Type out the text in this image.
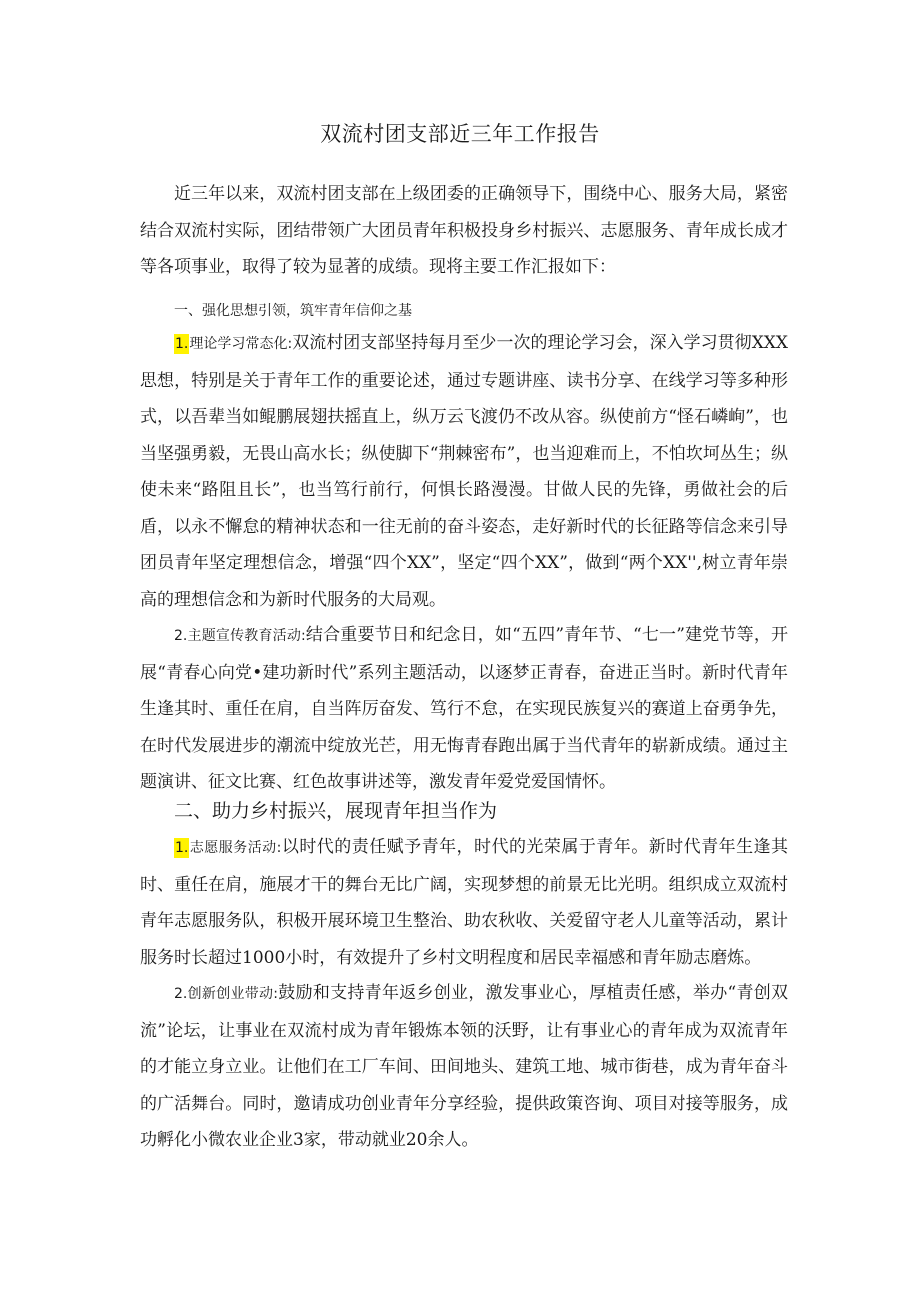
双流村团支部近三年工作报告

近三年以来，双流村团支部在上级团委的正确领导下，围绕中心、服务大局，紧密结合双流村实际，团结带领广大团员青年积极投身乡村振兴、志愿服务、青年成长成才等各项事业，取得了较为显著的成绩。现将主要工作汇报如下：

一、强化思想引领，筑牢青年信仰之基

1.理论学习常态化:双流村团支部坚持每月至少一次的理论学习会，深入学习贯彻XXX思想，特别是关于青年工作的重要论述，通过专题讲座、读书分享、在线学习等多种形式，以吾辈当如鲲鹏展翅扶摇直上，纵万云飞渡仍不改从容。纵使前方“怪石嶙峋”，也当坚强勇毅，无畏山高水长；纵使脚下“荆棘密布”，也当迎难而上，不怕坎坷丛生；纵使未来“路阻且长”，也当笃行前行，何惧长路漫漫。甘做人民的先锋，勇做社会的后盾，以永不懈怠的精神状态和一往无前的奋斗姿态，走好新时代的长征路等信念来引导团员青年坚定理想信念，增强“四个XX”，坚定“四个XX”，做到“两个XX'',树立青年崇高的理想信念和为新时代服务的大局观。

2.主题宣传教育活动:结合重要节日和纪念日，如“五四”青年节、“七一”建党节等，开展“青春心向党•建功新时代”系列主题活动，以逐梦正青春，奋进正当时。新时代青年生逢其时、重任在肩，自当阵厉奋发、笃行不怠，在实现民族复兴的赛道上奋勇争先，在时代发展进步的潮流中绽放光芒，用无悔青春跑出属于当代青年的崭新成绩。通过主题演讲、征文比赛、红色故事讲述等，激发青年爱党爱国情怀。

二、助力乡村振兴，展现青年担当作为

1.志愿服务活动:以时代的责任赋予青年，时代的光荣属于青年。新时代青年生逢其时、重任在肩，施展才干的舞台无比广阔，实现梦想的前景无比光明。组织成立双流村青年志愿服务队，积极开展环境卫生整治、助农秋收、关爱留守老人儿童等活动，累计服务时长超过1000小时，有效提升了乡村文明程度和居民幸福感和青年励志磨炼。

2.创新创业带动:鼓励和支持青年返乡创业，激发事业心，厚植责任感，举办“青创双流”论坛，让事业在双流村成为青年锻炼本领的沃野，让有事业心的青年成为双流青年的才能立身立业。让他们在工厂车间、田间地头、建筑工地、城市街巷，成为青年奋斗的广活舞台。同时，邀请成功创业青年分享经验，提供政策咨询、项目对接等服务，成功孵化小微农业企业3家，带动就业20余人。
